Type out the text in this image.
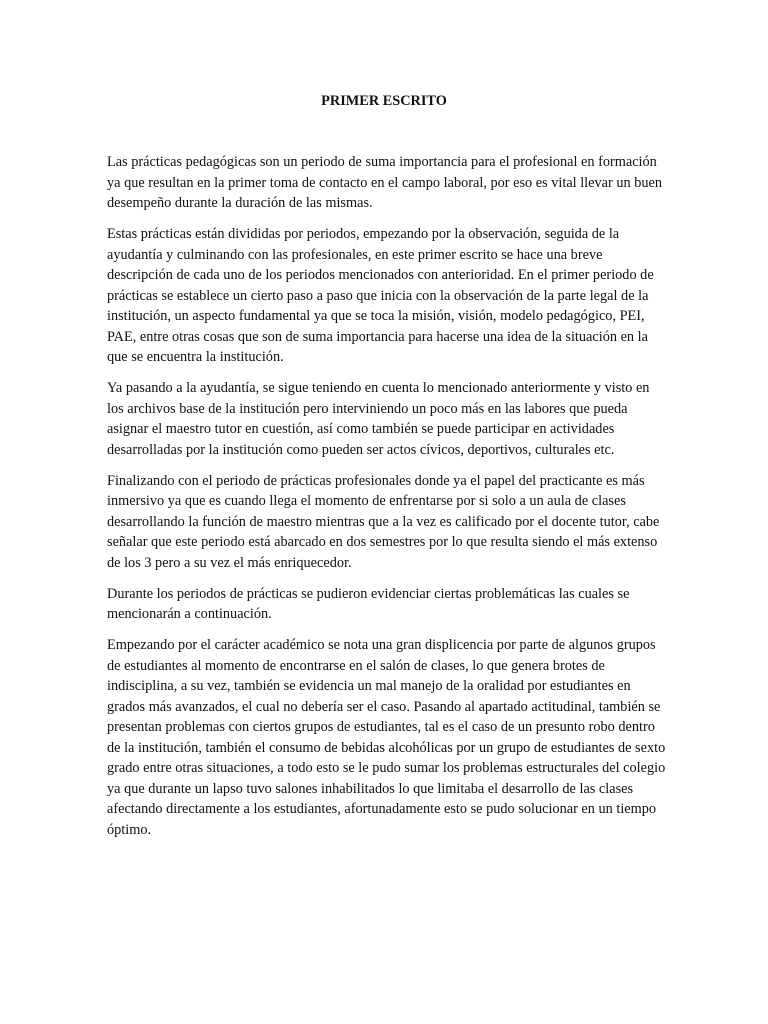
PRIMER ESCRITO

Las prácticas pedagógicas son un periodo de suma importancia para el profesional en formación ya que resultan en la primer toma de contacto en el campo laboral, por eso es vital llevar un buen desempeño durante la duración de las mismas.

Estas prácticas están divididas por periodos, empezando por la observación, seguida de la ayudantía y culminando con las profesionales, en este primer escrito se hace una breve descripción de cada uno de los periodos mencionados con anterioridad. En el primer periodo de prácticas se establece un cierto paso a paso que inicia con la observación de la parte legal de la institución, un aspecto fundamental ya que se toca la misión, visión, modelo pedagógico, PEI, PAE, entre otras cosas que son de suma importancia para hacerse una idea de la situación en la que se encuentra la institución.

Ya pasando a la ayudantía, se sigue teniendo en cuenta lo mencionado anteriormente y visto en los archivos base de la institución pero interviniendo un poco más en las labores que pueda asignar el maestro tutor en cuestión, así como también se puede participar en actividades desarrolladas por la institución como pueden ser actos cívicos, deportivos, culturales etc.

Finalizando con el periodo de prácticas profesionales donde ya el papel del practicante es más inmersivo ya que es cuando llega el momento de enfrentarse por si solo a un aula de clases desarrollando la función de maestro mientras que a la vez es calificado por el docente tutor, cabe señalar que este periodo está abarcado en dos semestres por lo que resulta siendo el más extenso de los 3 pero a su vez el más enriquecedor.

Durante los periodos de prácticas se pudieron evidenciar ciertas problemáticas las cuales se mencionarán a continuación.

Empezando por el carácter académico se nota una gran displicencia por parte de algunos grupos de estudiantes al momento de encontrarse en el salón de clases, lo que genera brotes de indisciplina, a su vez, también se evidencia un mal manejo de la oralidad por estudiantes en grados más avanzados, el cual no debería ser el caso. Pasando al apartado actitudinal, también se presentan problemas con ciertos grupos de estudiantes, tal es el caso de un presunto robo dentro de la institución, también el consumo de bebidas alcohólicas por un grupo de estudiantes de sexto grado entre otras situaciones, a todo esto se le pudo sumar los problemas estructurales del colegio ya que durante un lapso tuvo salones inhabilitados lo que limitaba el desarrollo de las clases afectando directamente a los estudiantes, afortunadamente esto se pudo solucionar en un tiempo óptimo.
